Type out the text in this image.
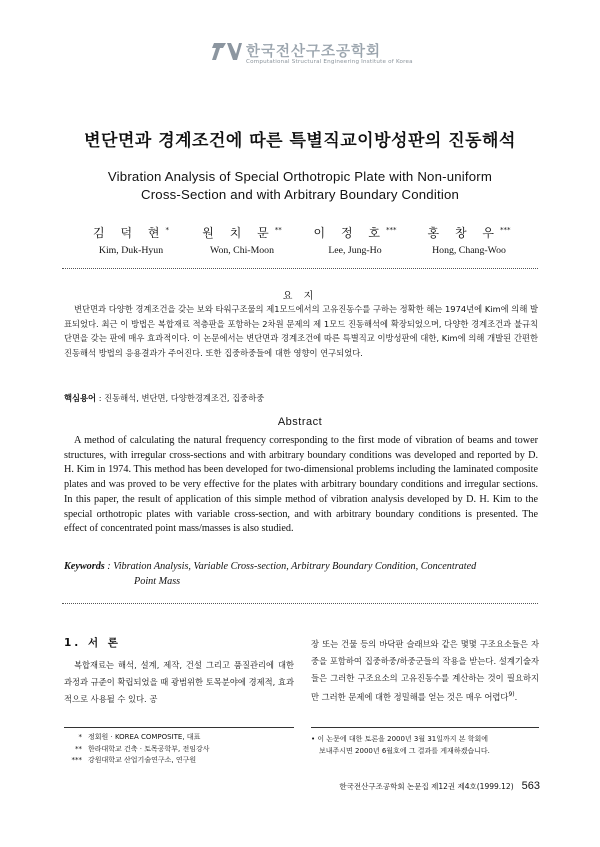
한국전산구조공학회
Computational Structural Engineering Institute of Korea
변단면과 경계조건에 따른 특별직교이방성판의 진동해석
Vibration Analysis of Special Orthotropic Plate with Non-uniform
Cross-Section and with Arbitrary Boundary Condition
김 덕 현*
Kim, Duk-Hyun
원 치 문**
Won, Chi-Moon
이 정 호***
Lee, Jung-Ho
홍 창 우***
Hong, Chang-Woo
요 지
변단면과 다양한 경계조건을 갖는 보와 타워구조물의 제1모드에서의 고유진동수를 구하는 정확한 해는 1974년에 Kim에 의해 발표되었다. 최근 이 방법은 복합재료 적층판을 포함하는 2차원 문제의 제 1모드 진동해석에 확장되었으며, 다양한 경계조건과 불규칙 단면을 갖는 판에 매우 효과적이다. 이 논문에서는 변단면과 경계조건에 따른 특별직교 이방성판에 대한, Kim에 의해 개발된 간편한 진동해석 방법의 응용결과가 주어진다. 또한 집중하중들에 대한 영향이 연구되었다.
핵심용어 : 진동해석, 변단면, 다양한경계조건, 집중하중
Abstract
A method of calculating the natural frequency corresponding to the first mode of vibration of beams and tower structures, with irregular cross-sections and with arbitrary boundary conditions was developed and reported by D. H. Kim in 1974. This method has been developed for two-dimensional problems including the laminated composite plates and was proved to be very effective for the plates with arbitrary boundary conditions and irregular sections. In this paper, the result of application of this simple method of vibration analysis developed by D. H. Kim to the special orthotropic plates with variable cross-section, and with arbitrary boundary conditions is presented. The effect of concentrated point mass/masses is also studied.
Keywords : Vibration Analysis, Variable Cross-section, Arbitrary Boundary Condition, Concentrated
Point Mass
1. 서 론
복합재료는 해석, 설계, 제작, 건설 그리고 품질관리에 대한 과정과 규준이 확립되었을 때 광범위한 토목분야에 경제적, 효과적으로 사용될 수 있다. 공
장 또는 건물 등의 바닥판 슬래브와 같은 몇몇 구조요소들은 자중을 포함하여 집중하중/하중군들의 작용을 받는다. 설계기술자들은 그러한 구조요소의 고유진동수를 계산하는 것이 필요하지만 그러한 문제에 대한 정밀해를 얻는 것은 매우 어렵다$^{9)}$.
* 정회원 · KOREA COMPOSITE, 대표
** 한라대학교 건축 · 토목공학부, 전임강사
*** 강원대학교 산업기술연구소, 연구원
• 이 논문에 대한 토론을 2000년 3월 31일까지 본 학회에
보내주시면 2000년 6월호에 그 결과를 게재하겠습니다.
한국전산구조공학회 논문집 제12권 제4호(1999.12) 563
